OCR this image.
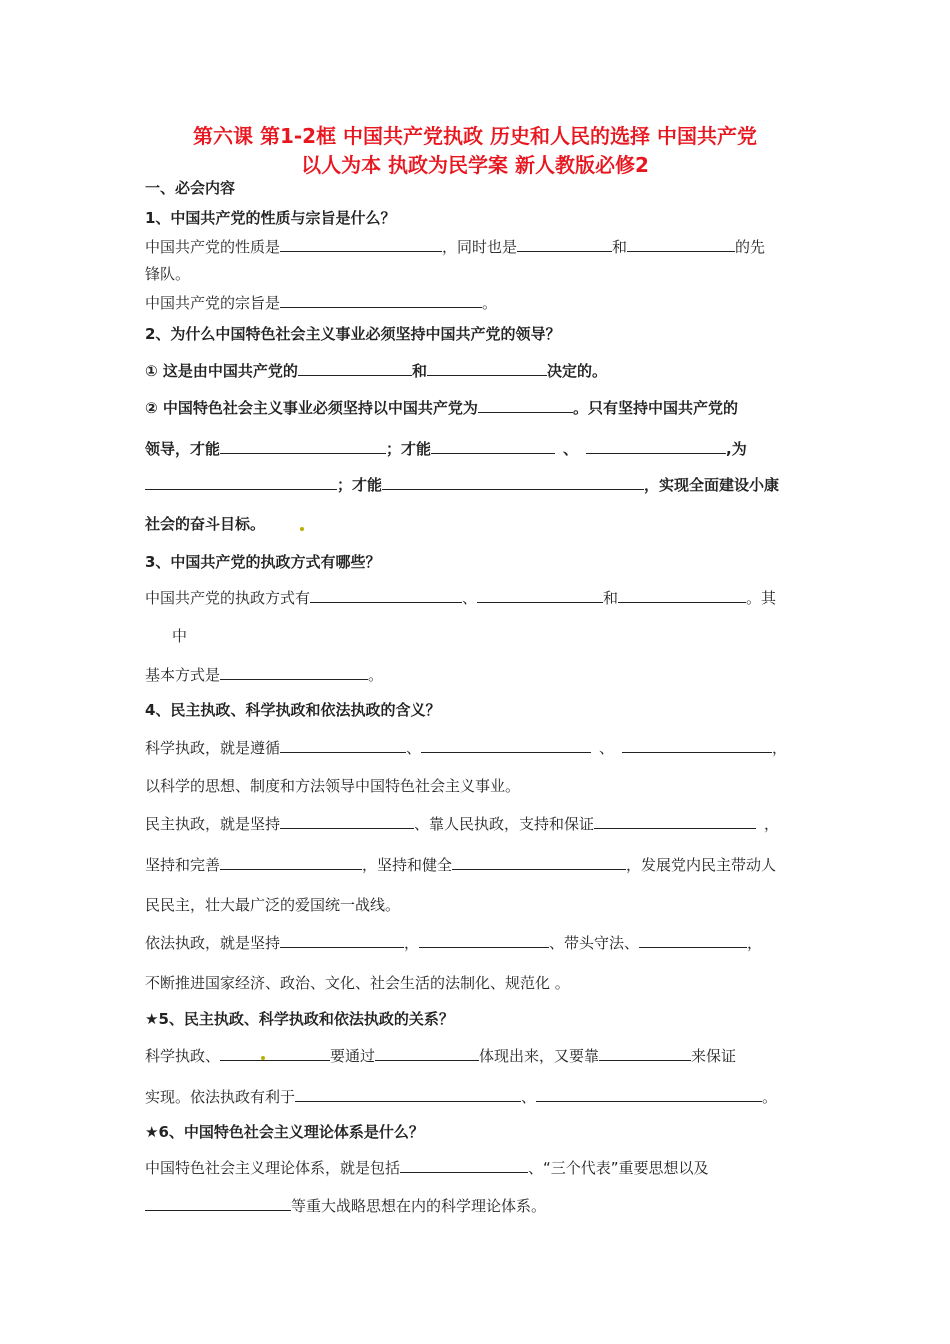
第六课 第1-2框 中国共产党执政 历史和人民的选择 中国共产党
以人为本 执政为民学案 新人教版必修2
一、必会内容
1、中国共产党的性质与宗旨是什么？
中国共产党的性质是	，同时也是	和	的先
锋队。
中国共产党的宗旨是	。
2、为什么中国特色社会主义事业必须坚持中国共产党的领导？
① 这是由中国共产党的	和	决定的。
② 中国特色社会主义事业必须坚持以中国共产党为	。只有坚持中国共产党的
领导，才能	；才能	、	,为
；才能	，实现全面建设小康
社会的奋斗目标。
3、中国共产党的执政方式有哪些？
中国共产党的执政方式有	、	和	。其
中
基本方式是	。
4、民主执政、科学执政和依法执政的含义？
科学执政，就是遵循	、	、	，
以科学的思想、制度和方法领导中国特色社会主义事业。
民主执政，就是坚持	、靠人民执政，支持和保证	，
坚持和完善	，坚持和健全	，发展党内民主带动人
民民主，壮大最广泛的爱国统一战线。
依法执政，就是坚持	，	、带头守法、	，
不断推进国家经济、政治、文化、社会生活的法制化、规范化 。
★5、民主执政、科学执政和依法执政的关系？
科学执政、	要通过	体现出来，又要靠	来保证
实现。依法执政有利于	、	。
★6、中国特色社会主义理论体系是什么？
中国特色社会主义理论体系，就是包括	、“三个代表”重要思想以及
等重大战略思想在内的科学理论体系。
